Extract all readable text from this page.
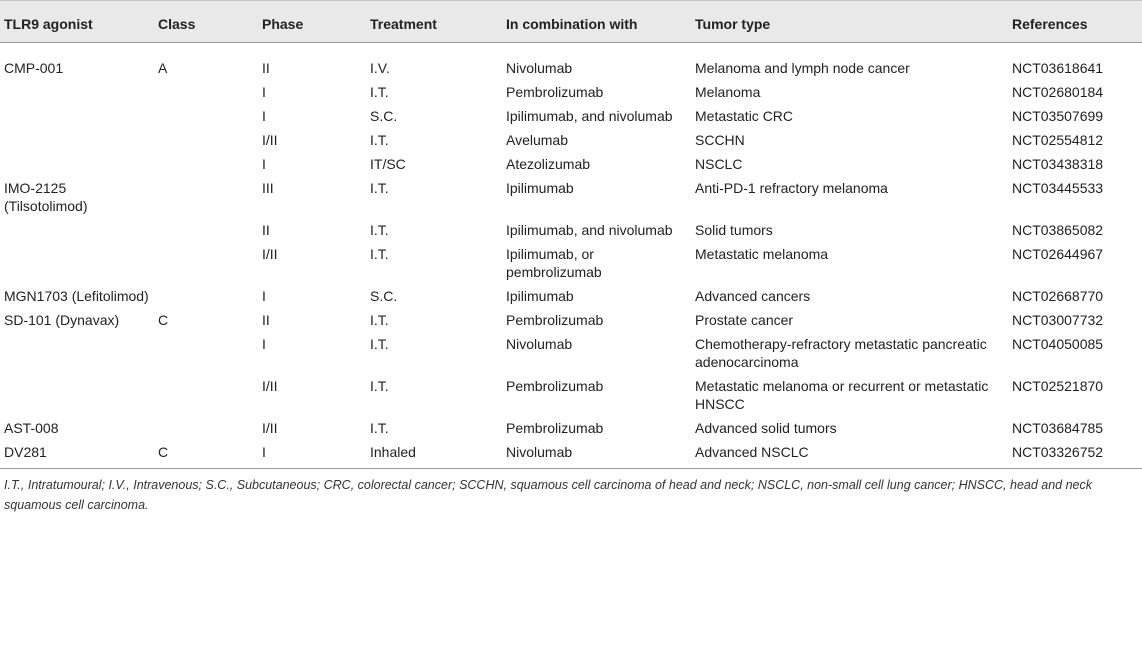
TLR9 agonist	Class	Phase	Treatment	In combination with	Tumor type	References
CMP-001	A	II	I.V.	Nivolumab	Melanoma and lymph node cancer	NCT03618641
		I	I.T.	Pembrolizumab	Melanoma	NCT02680184
		I	S.C.	Ipilimumab, and nivolumab	Metastatic CRC	NCT03507699
		I/II	I.T.	Avelumab	SCCHN	NCT02554812
		I	IT/SC	Atezolizumab	NSCLC	NCT03438318
IMO-2125 (Tilsotolimod)		III	I.T.	Ipilimumab	Anti-PD-1 refractory melanoma	NCT03445533
		II	I.T.	Ipilimumab, and nivolumab	Solid tumors	NCT03865082
		I/II	I.T.	Ipilimumab, or pembrolizumab	Metastatic melanoma	NCT02644967
MGN1703 (Lefitolimod)		I	S.C.	Ipilimumab	Advanced cancers	NCT02668770
SD-101 (Dynavax)	C	II	I.T.	Pembrolizumab	Prostate cancer	NCT03007732
		I	I.T.	Nivolumab	Chemotherapy-refractory metastatic pancreatic adenocarcinoma	NCT04050085
		I/II	I.T.	Pembrolizumab	Metastatic melanoma or recurrent or metastatic HNSCC	NCT02521870
AST-008		I/II	I.T.	Pembrolizumab	Advanced solid tumors	NCT03684785
DV281	C	I	Inhaled	Nivolumab	Advanced NSCLC	NCT03326752
I.T., Intratumoural; I.V., Intravenous; S.C., Subcutaneous; CRC, colorectal cancer; SCCHN, squamous cell carcinoma of head and neck; NSCLC, non-small cell lung cancer; HNSCC, head and neck squamous cell carcinoma.
